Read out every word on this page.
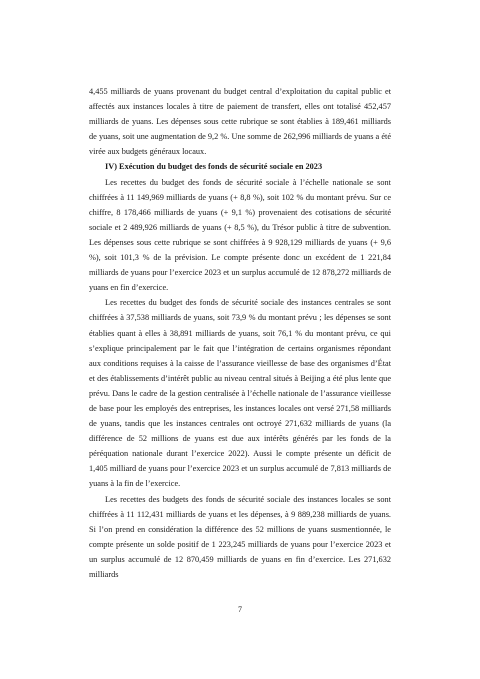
4,455 milliards de yuans provenant du budget central d’exploitation du capital public et affectés aux instances locales à titre de paiement de transfert, elles ont totalisé 452,457 milliards de yuans. Les dépenses sous cette rubrique se sont établies à 189,461 milliards de yuans, soit une augmentation de 9,2 %. Une somme de 262,996 milliards de yuans a été virée aux budgets généraux locaux.

IV) Exécution du budget des fonds de sécurité sociale en 2023

Les recettes du budget des fonds de sécurité sociale à l’échelle nationale se sont chiffrées à 11 149,969 milliards de yuans (+ 8,8 %), soit 102 % du montant prévu. Sur ce chiffre, 8 178,466 milliards de yuans (+ 9,1 %) provenaient des cotisations de sécurité sociale et 2 489,926 milliards de yuans (+ 8,5 %), du Trésor public à titre de subvention. Les dépenses sous cette rubrique se sont chiffrées à 9 928,129 milliards de yuans (+ 9,6 %), soit 101,3 % de la prévision. Le compte présente donc un excédent de 1 221,84 milliards de yuans pour l’exercice 2023 et un surplus accumulé de 12 878,272 milliards de yuans en fin d’exercice.

Les recettes du budget des fonds de sécurité sociale des instances centrales se sont chiffrées à 37,538 milliards de yuans, soit 73,9 % du montant prévu ; les dépenses se sont établies quant à elles à 38,891 milliards de yuans, soit 76,1 % du montant prévu, ce qui s’explique principalement par le fait que l’intégration de certains organismes répondant aux conditions requises à la caisse de l’assurance vieillesse de base des organismes d’État et des établissements d’intérêt public au niveau central situés à Beijing a été plus lente que prévu. Dans le cadre de la gestion centralisée à l’échelle nationale de l’assurance vieillesse de base pour les employés des entreprises, les instances locales ont versé 271,58 milliards de yuans, tandis que les instances centrales ont octroyé 271,632 milliards de yuans (la différence de 52 millions de yuans est due aux intérêts générés par les fonds de la péréquation nationale durant l’exercice 2022). Aussi le compte présente un déficit de 1,405 milliard de yuans pour l’exercice 2023 et un surplus accumulé de 7,813 milliards de yuans à la fin de l’exercice.

Les recettes des budgets des fonds de sécurité sociale des instances locales se sont chiffrées à 11 112,431 milliards de yuans et les dépenses, à 9 889,238 milliards de yuans. Si l’on prend en considération la différence des 52 millions de yuans susmentionnée, le compte présente un solde positif de 1 223,245 milliards de yuans pour l’exercice 2023 et un surplus accumulé de 12 870,459 milliards de yuans en fin d’exercice. Les 271,632 milliards

7
